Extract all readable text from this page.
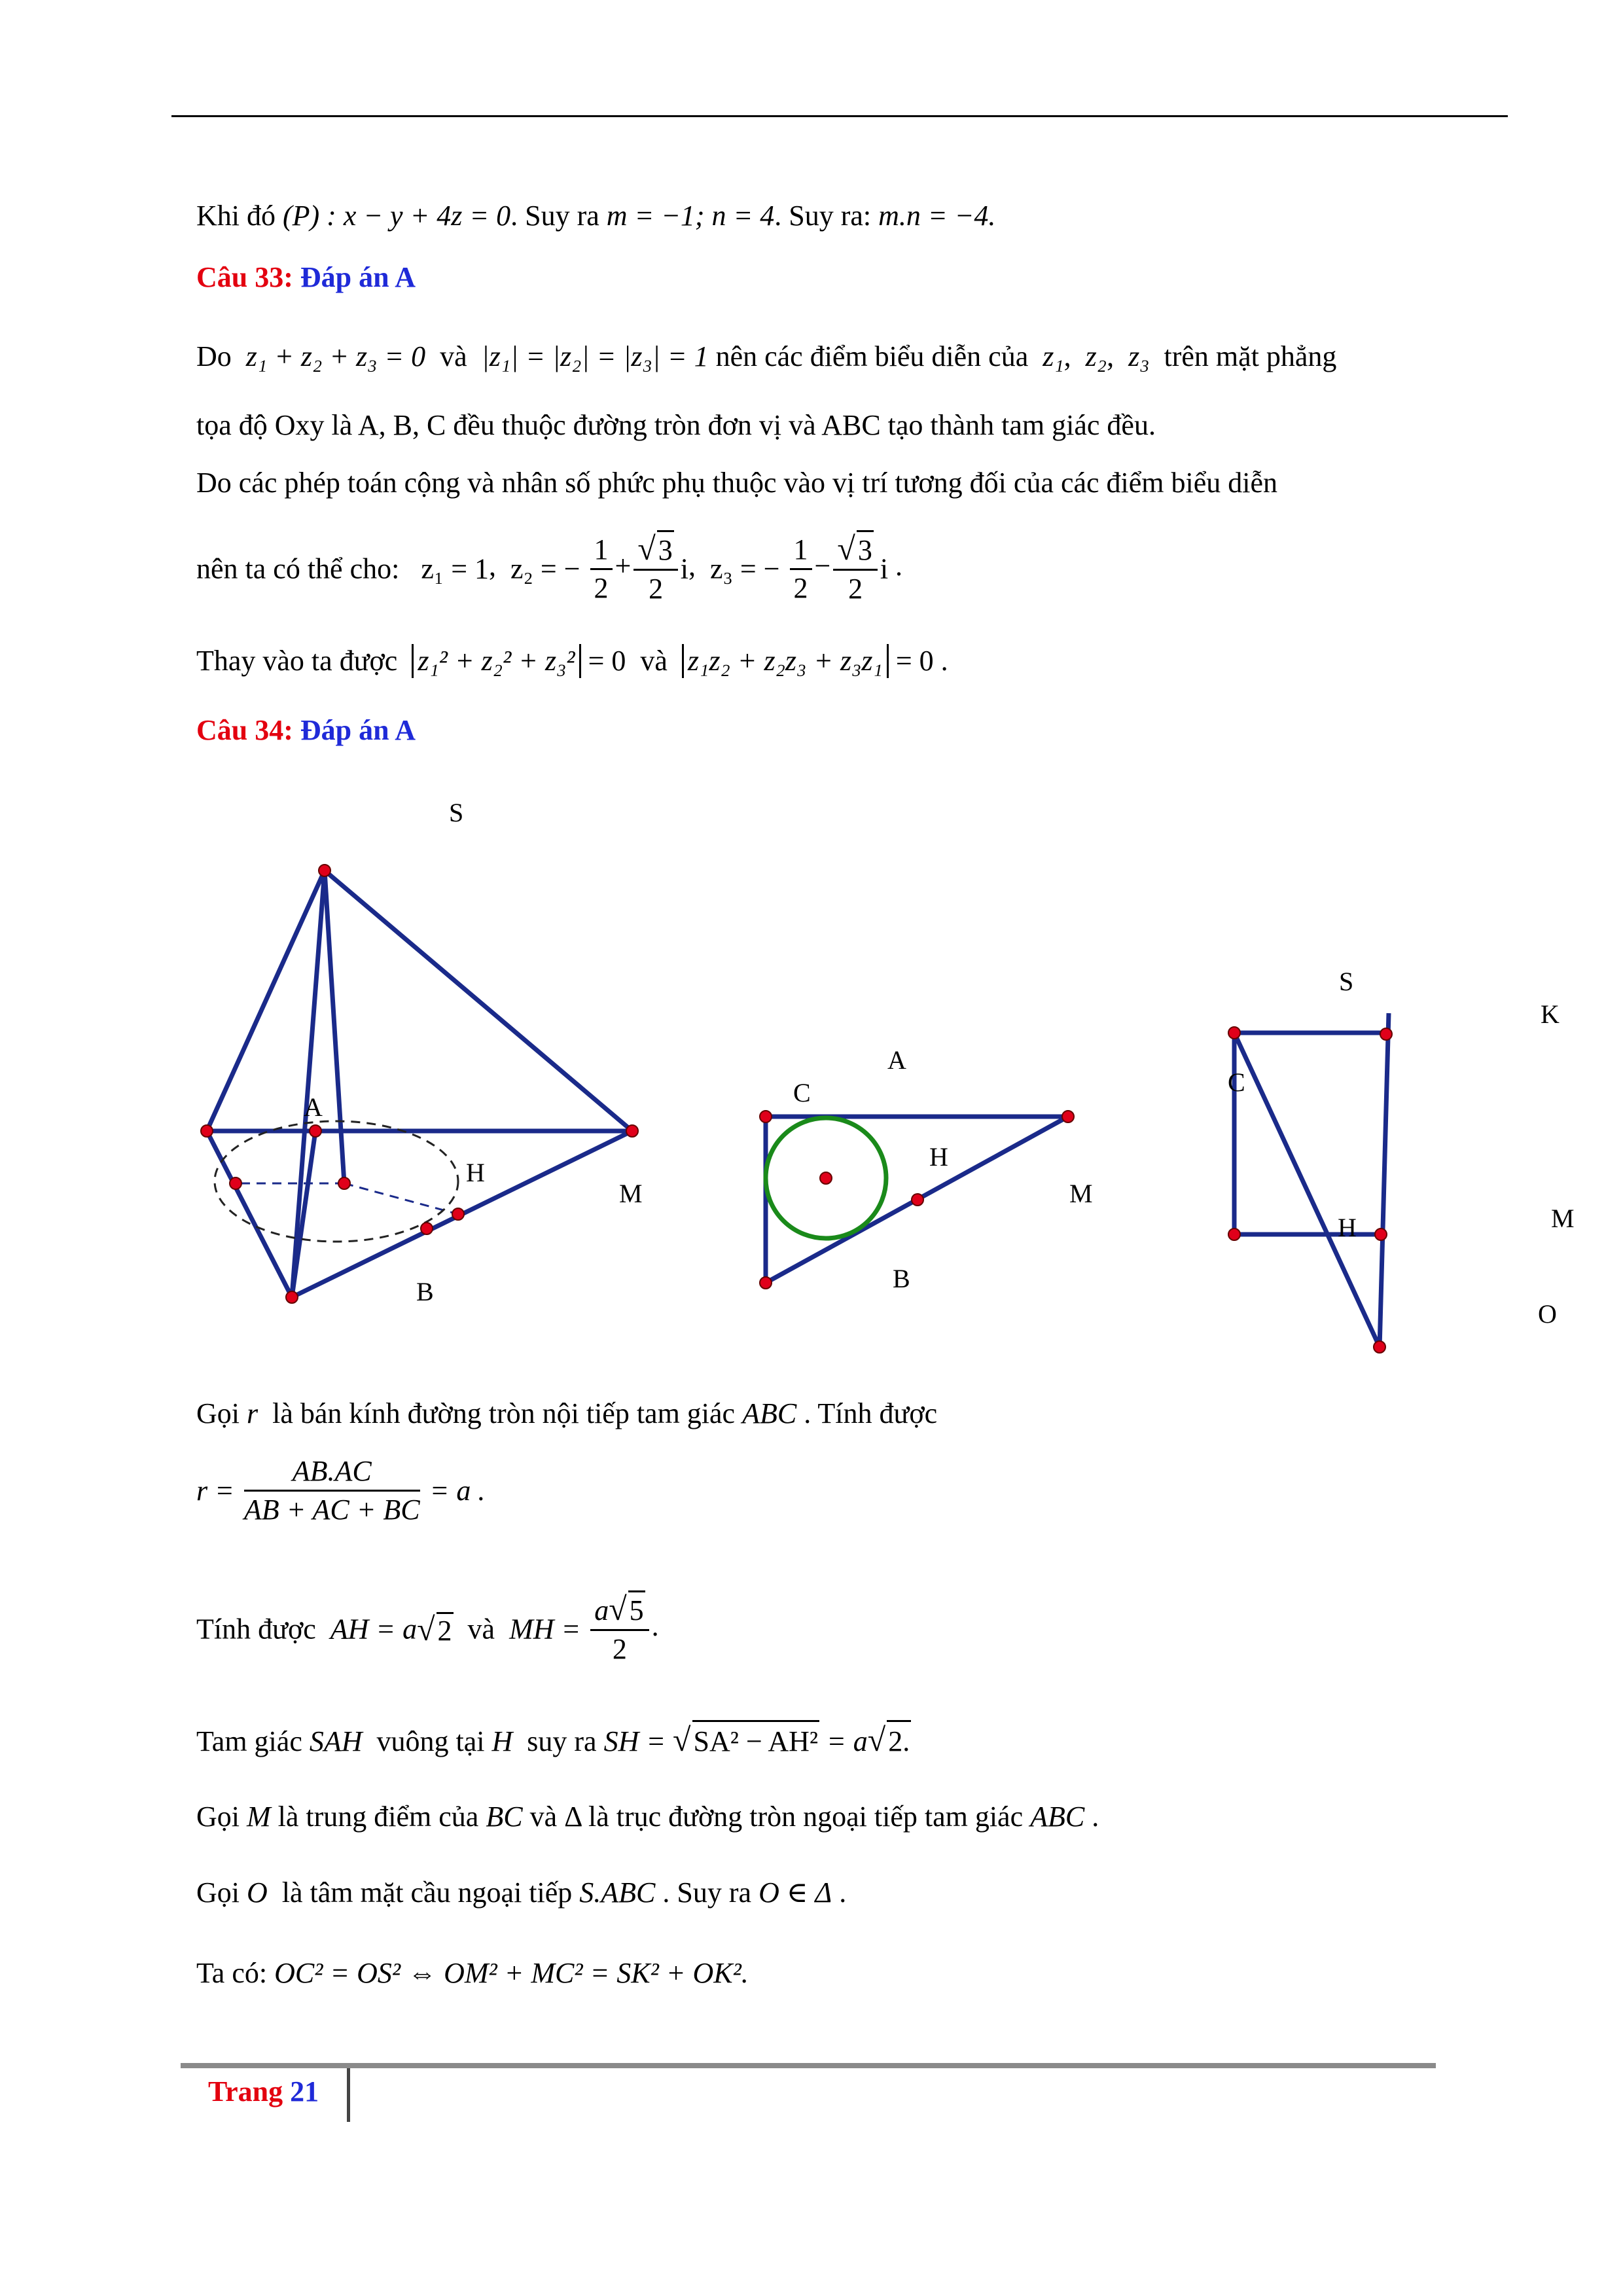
Khi đó (P) : x − y + 4z = 0. Suy ra m = −1; n = 4. Suy ra: m.n = −4.
Câu 33: Đáp án A
Do z₁ + z₂ + z₃ = 0 và |z₁| = |z₂| = |z₃| = 1 nên các điểm biểu diễn của z₁,  z₂,  z₃ trên mặt phẳng
tọa độ Oxy là A, B, C đều thuộc đường tròn đơn vị và ABC tạo thành tam giác đều.
Do các phép toán cộng và nhân số phức phụ thuộc vào vị trí tương đối của các điểm biểu diễn
nên ta có thể cho: z₁ = 1,  z₂ = − $\frac{1}{2} + \frac{√3}{2} i$,  z₃ = − $\frac{1}{2} - \frac{√3}{2}$ i .
Thay vào ta được z₁² + z₂² + z₃² = 0 và z₁z₂ + z₂z₃ + z₃z₁ = 0 .
Câu 34: Đáp án A
S
A
H
M
B
A
C
H
M
B
S
K
C
H	M
O
Gọi r là bán kính đường tròn nội tiếp tam giác ABC . Tính được
$r = \frac{AB.AC}{AB + AC + BC} = a$ .
Tính được AH = a√2 và MH = $\frac{a√5}{2}$ .
Tam giác SAH vuông tại H suy ra SH = √SA² − AH² = a√2.
Gọi M là trung điểm của BC và Δ là trục đường tròn ngoại tiếp tam giác ABC .
Gọi O là tâm mặt cầu ngoại tiếp S.ABC . Suy ra O ∈ Δ .
Ta có: OC² = OS² ⇔ OM² + MC² = SK² + OK².
Trang 21
